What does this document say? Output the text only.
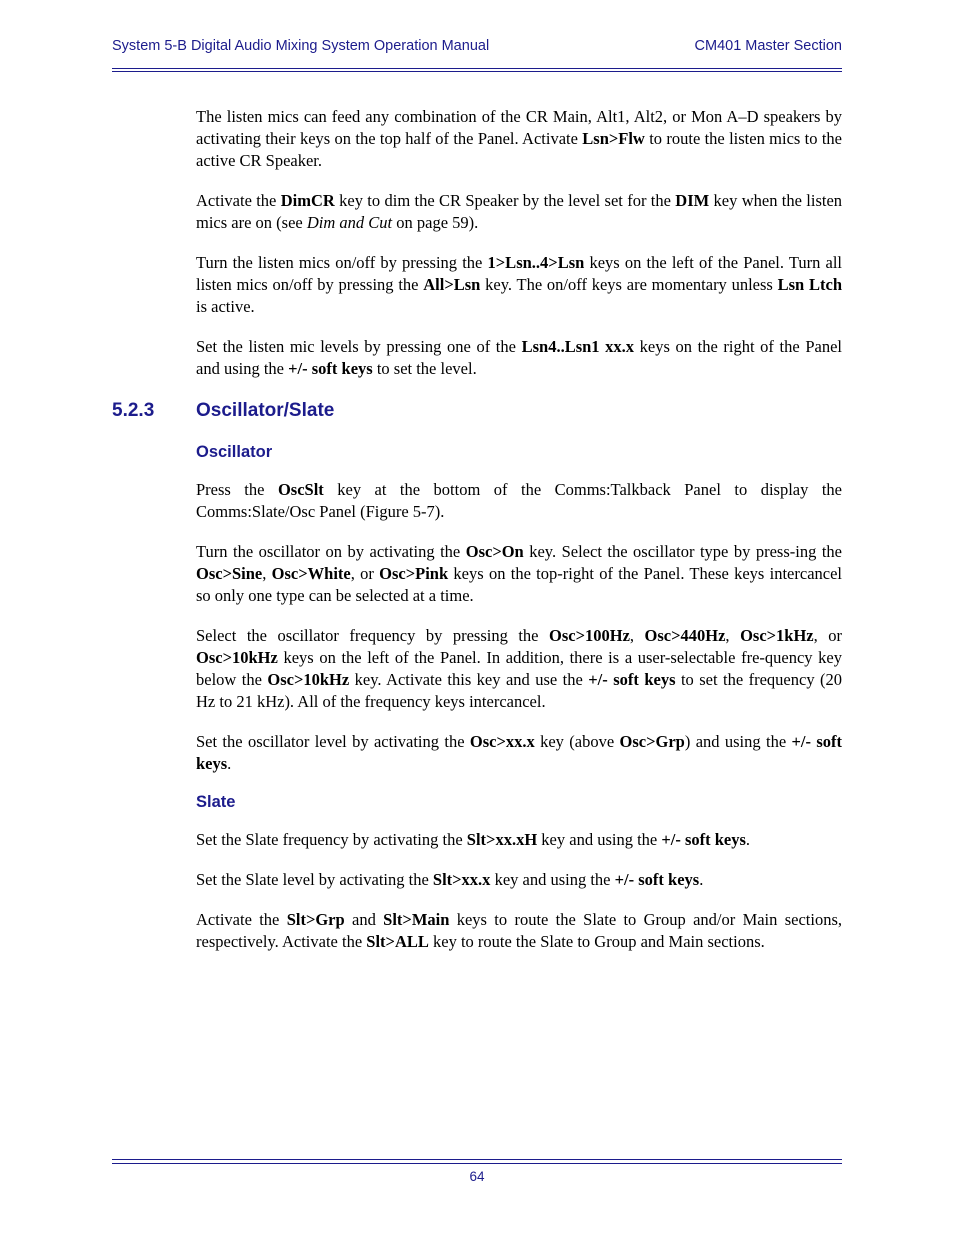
System 5-B Digital Audio Mixing System Operation Manual	CM401 Master Section

The listen mics can feed any combination of the CR Main, Alt1, Alt2, or Mon A–D speakers by activating their keys on the top half of the Panel. Activate Lsn>Flw to route the listen mics to the active CR Speaker.

Activate the DimCR key to dim the CR Speaker by the level set for the DIM key when the listen mics are on (see Dim and Cut on page 59).

Turn the listen mics on/off by pressing the 1>Lsn..4>Lsn keys on the left of the Panel. Turn all listen mics on/off by pressing the All>Lsn key. The on/off keys are momentary unless Lsn Ltch is active.

Set the listen mic levels by pressing one of the Lsn4..Lsn1 xx.x keys on the right of the Panel and using the +/- soft keys to set the level.

5.2.3 Oscillator/Slate
Oscillator

Press the OscSlt key at the bottom of the Comms:Talkback Panel to display the Comms:Slate/Osc Panel (Figure 5-7).

Turn the oscillator on by activating the Osc>On key. Select the oscillator type by press-ing the Osc>Sine, Osc>White, or Osc>Pink keys on the top-right of the Panel. These keys intercancel so only one type can be selected at a time.

Select the oscillator frequency by pressing the Osc>100Hz, Osc>440Hz, Osc>1kHz, or Osc>10kHz keys on the left of the Panel. In addition, there is a user-selectable fre-quency key below the Osc>10kHz key. Activate this key and use the +/- soft keys to set the frequency (20 Hz to 21 kHz). All of the frequency keys intercancel.

Set the oscillator level by activating the Osc>xx.x key (above Osc>Grp) and using the +/- soft keys.

Slate

Set the Slate frequency by activating the Slt>xx.xH key and using the +/- soft keys.

Set the Slate level by activating the Slt>xx.x key and using the +/- soft keys.

Activate the Slt>Grp and Slt>Main keys to route the Slate to Group and/or Main sections, respectively. Activate the Slt>ALL key to route the Slate to Group and Main sections.

64
